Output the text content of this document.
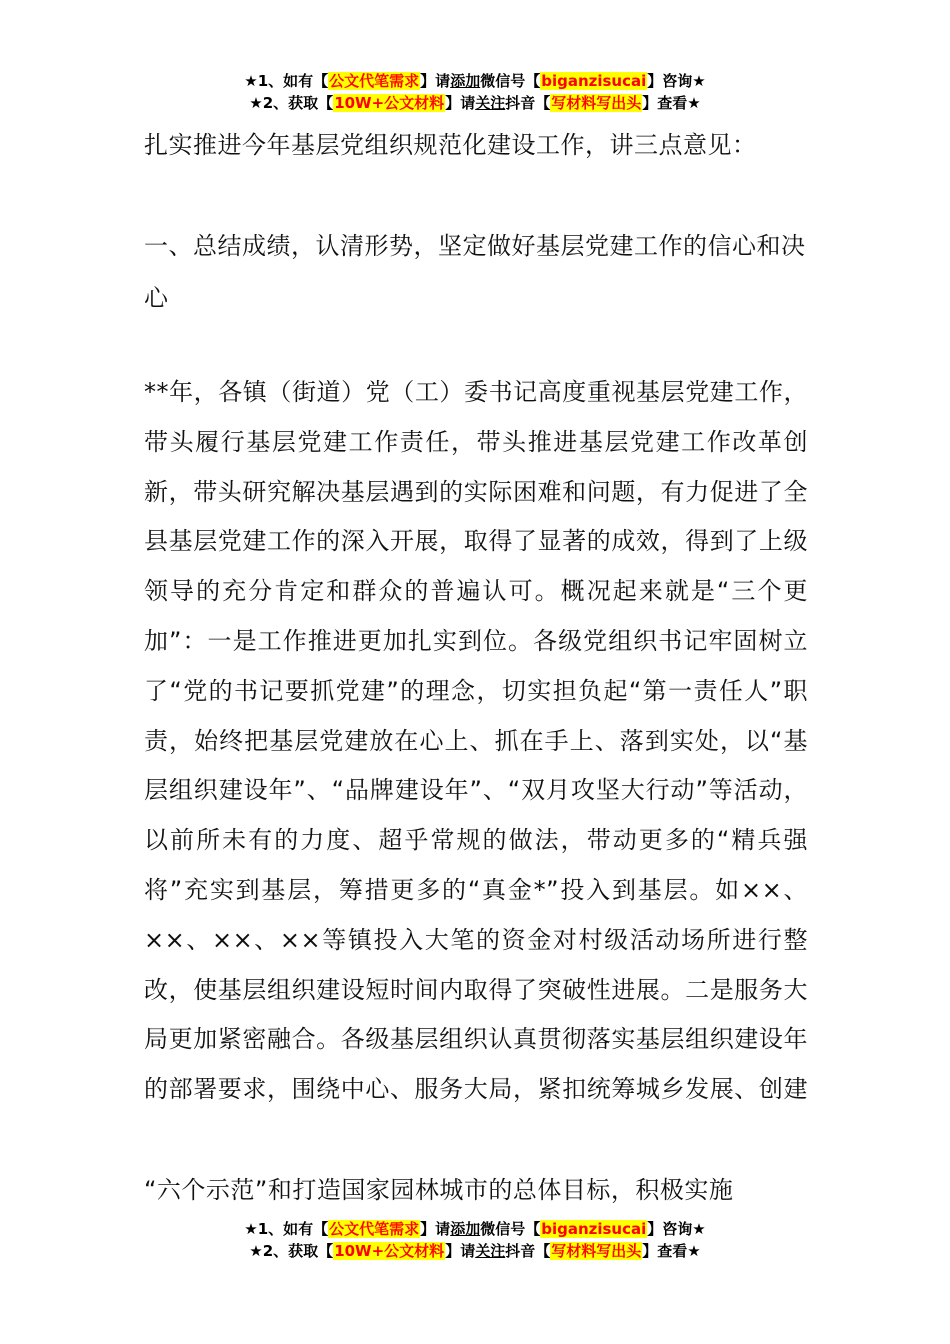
★1、如有【公文代笔需求】请添加微信号【biganzisucai】咨询★
★2、获取【10W+公文材料】请关注抖音【写材料写出头】查看★

扎实推进今年基层党组织规范化建设工作，讲三点意见：

一、总结成绩，认清形势，坚定做好基层党建工作的信心和决心

**年，各镇（街道）党（工）委书记高度重视基层党建工作，带头履行基层党建工作责任，带头推进基层党建工作改革创新，带头研究解决基层遇到的实际困难和问题，有力促进了全县基层党建工作的深入开展，取得了显著的成效，得到了上级领导的充分肯定和群众的普遍认可。概况起来就是“三个更加”：一是工作推进更加扎实到位。各级党组织书记牢固树立了“党的书记要抓党建”的理念，切实担负起“第一责任人”职责，始终把基层党建放在心上、抓在手上、落到实处，以“基层组织建设年”、“品牌建设年”、“双月攻坚大行动”等活动，以前所未有的力度、超乎常规的做法，带动更多的“精兵强将”充实到基层，筹措更多的“真金*”投入到基层。如××、××、××、××等镇投入大笔的资金对村级活动场所进行整改，使基层组织建设短时间内取得了突破性进展。二是服务大局更加紧密融合。各级基层组织认真贯彻落实基层组织建设年的部署要求，围绕中心、服务大局，紧扣统筹城乡发展、创建

“六个示范”和打造国家园林城市的总体目标，积极实施

★1、如有【公文代笔需求】请添加微信号【biganzisucai】咨询★
★2、获取【10W+公文材料】请关注抖音【写材料写出头】查看★
